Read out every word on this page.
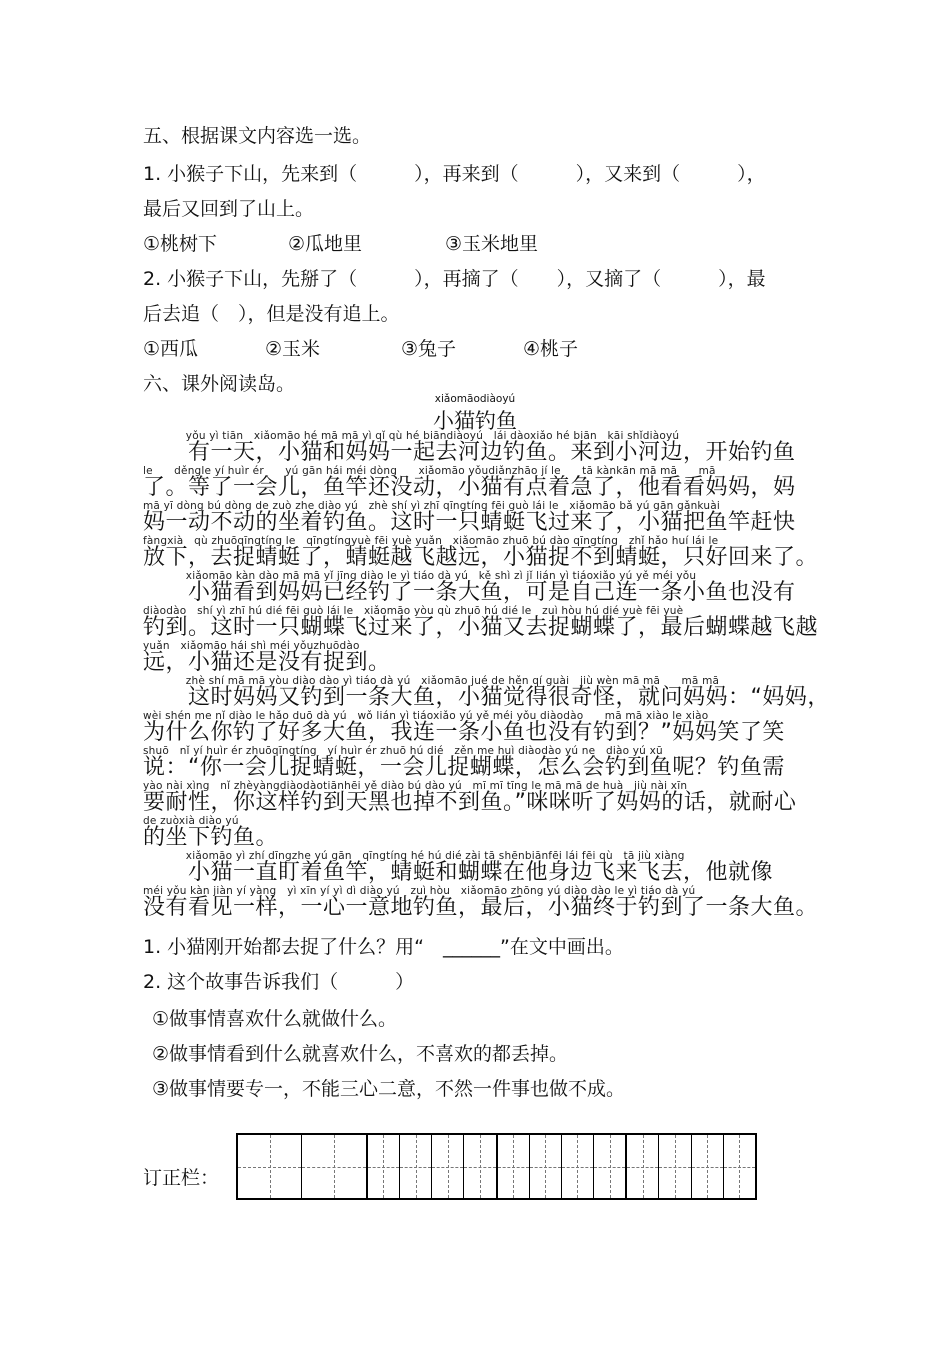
五、根据课文内容选一选。
1. 小猴子下山，先来到（　　　），再来到（　　　），又来到（　　　），
最后又回到了山上。
①桃树下	②瓜地里	③玉米地里
2. 小猴子下山，先掰了（　　　），再摘了（　　），又摘了（　　　），最
后去追（　），但是没有追上。
①西瓜	②玉米	③兔子	④桃子
六、课外阅读岛。
xiǎomāodiàoyú
小猫钓鱼
　　　　yǒu yì tiān　xiǎomāo hé mā mā yì qǐ qù hé biāndiàoyú　lái dàoxiǎo hé biān　kāi shǐdiàoyú
　　有一天，小猫和妈妈一起去河边钓鱼。来到小河边，开始钓鱼
le　　děngle yí huìr ér　　yú gān hái méi dòng　　xiǎomāo yǒudiǎnzhāo jí le　　tā kànkān mā mā　　mā
了。等了一会儿，鱼竿还没动，小猫有点着急了，他看看妈妈，妈
mā yī dòng bú dòng de zuò zhe diào yú　zhè shí yì zhī qīngtíng fēi guò lái le　xiǎomāo bǎ yú gān gǎnkuài
妈一动不动的坐着钓鱼。这时一只蜻蜓飞过来了，小猫把鱼竿赶快
fàngxià　qù zhuōqīngtíng le　qīngtíngyuè fēi yuè yuǎn　xiǎomāo zhuō bú dào qīngtíng　zhǐ hǎo huí lái le
放下，去捉蜻蜓了，蜻蜓越飞越远，小猫捉不到蜻蜓，只好回来了。
　　　　xiǎomāo kàn dào mā mā yǐ jīng diào le yì tiáo dà yú　kě shì zì jǐ lián yì tiáoxiǎo yú yě méi yǒu
　　小猫看到妈妈已经钓了一条大鱼，可是自己连一条小鱼也没有
diàodào　shí yì zhī hú dié fēi guò lái le　xiǎomāo yòu qù zhuō hú dié le　zuì hòu hú dié yuè fēi yuè
钓到。这时一只蝴蝶飞过来了，小猫又去捉蝴蝶了，最后蝴蝶越飞越
yuǎn　xiǎomāo hái shì méi yǒuzhuōdào
远，小猫还是没有捉到。
　　　　zhè shí mā mā yòu diào dào yì tiáo dà yú　xiǎomāo jué de hěn qí guài　jiù wèn mā mā　　mā mā
　　这时妈妈又钓到一条大鱼，小猫觉得很奇怪，就问妈妈：“妈妈，
wèi shén me nǐ diào le hǎo duō dà yú　wǒ lián yì tiáoxiǎo yú yě méi yǒu diàodào　　mā mā xiào le xiào
为什么你钓了好多大鱼，我连一条小鱼也没有钓到？”妈妈笑了笑
shuō　nǐ yí huìr ér zhuōqīngtíng　yí huìr ér zhuō hú dié　zěn me huì diàodào yú ne　diào yú xū
说：“你一会儿捉蜻蜓，一会儿捉蝴蝶，怎么会钓到鱼呢？钓鱼需
yào nài xìng　nǐ zhèyàngdiàodàotiānhēi yě diào bú dào yú　mī mī tīng le mā mā de huà　jiù nài xīn
要耐性，你这样钓到天黑也掉不到鱼。”咪咪听了妈妈的话，就耐心
de zuòxià diào yú
的坐下钓鱼。
　　　　xiǎomāo yì zhí dīngzhe yú gān　qīngtíng hé hú dié zài tā shēnbiānfēi lái fēi qù　tā jiù xiàng
　　小猫一直盯着鱼竿，蜻蜓和蝴蝶在他身边飞来飞去，他就像
méi yǒu kàn jiàn yí yàng　yì xīn yí yì dì diào yú　zuì hòu　xiǎomāo zhōng yú diào dào le yì tiáo dà yú
没有看见一样，一心一意地钓鱼，最后，小猫终于钓到了一条大鱼。
1. 小猫刚开始都去捉了什么？用“　______”在文中画出。
2. 这个故事告诉我们（　　　）
①做事情喜欢什么就做什么。
②做事情看到什么就喜欢什么，不喜欢的都丢掉。
③做事情要专一，不能三心二意，不然一件事也做不成。
订正栏：
